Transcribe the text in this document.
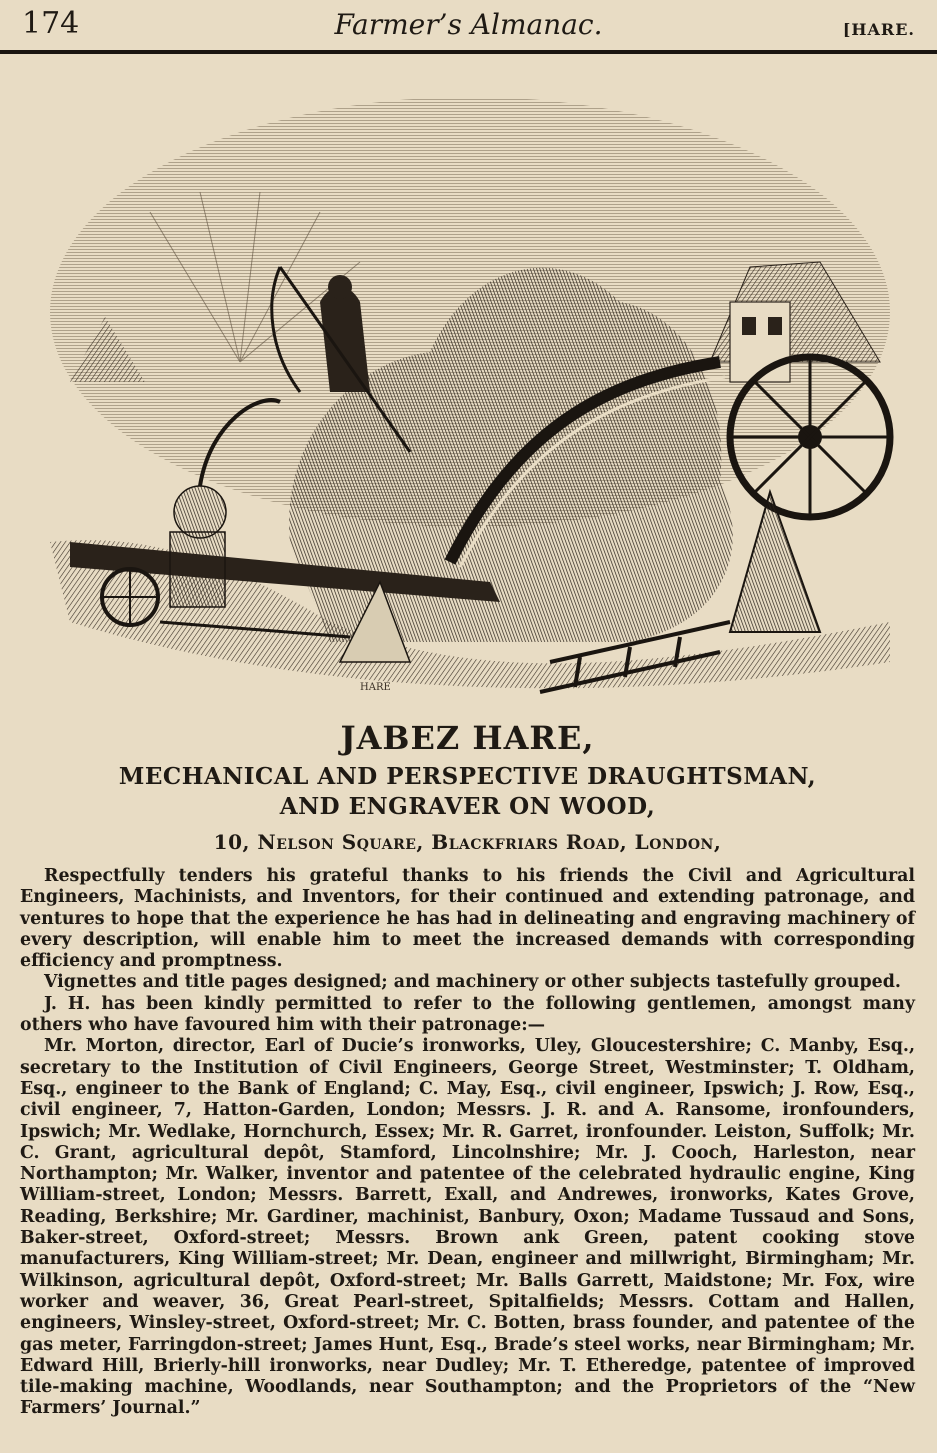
174	Farmer’s Almanac.	[HARE.
HARE
JABEZ HARE,

MECHANICAL AND PERSPECTIVE DRAUGHTSMAN,

AND ENGRAVER ON WOOD,

10, Nelson Square, Blackfriars Road, London,

Respectfully tenders his grateful thanks to his friends the Civil and Agricultural Engineers, Machinists, and Inventors, for their continued and extending patronage, and ventures to hope that the experience he has had in delineating and engraving machinery of every description, will enable him to meet the increased demands with corresponding efficiency and promptness.

Vignettes and title pages designed; and machinery or other subjects tastefully grouped.

J. H. has been kindly permitted to refer to the following gentlemen, amongst many others who have favoured him with their patronage:—

Mr. Morton, director, Earl of Ducie’s ironworks, Uley, Gloucestershire; C. Manby, Esq., secretary to the Institution of Civil Engineers, George Street, Westminster; T. Oldham, Esq., engineer to the Bank of England; C. May, Esq., civil engineer, Ipswich; J. Row, Esq., civil engineer, 7, Hatton-Garden, London; Messrs. J. R. and A. Ransome, ironfounders, Ipswich; Mr. Wedlake, Hornchurch, Essex; Mr. R. Garret, ironfounder. Leiston, Suffolk; Mr. C. Grant, agricultural depôt, Stamford, Lincolnshire; Mr. J. Cooch, Harleston, near Northampton; Mr. Walker, inventor and patentee of the celebrated hydraulic engine, King William-street, London; Messrs. Barrett, Exall, and Andrewes, ironworks, Kates Grove, Reading, Berkshire; Mr. Gardiner, machinist, Banbury, Oxon; Madame Tussaud and Sons, Baker-street, Oxford-street; Messrs. Brown ank Green, patent cooking stove manufacturers, King William-street; Mr. Dean, engineer and millwright, Birmingham; Mr. Wilkinson, agricultural depôt, Oxford-street; Mr. Balls Garrett, Maidstone; Mr. Fox, wire worker and weaver, 36, Great Pearl-street, Spitalfields; Messrs. Cottam and Hallen, engineers, Winsley-street, Oxford-street; Mr. C. Botten, brass founder, and patentee of the gas meter, Farringdon-street; James Hunt, Esq., Brade’s steel works, near Birmingham; Mr. Edward Hill, Brierly-hill ironworks, near Dudley; Mr. T. Etheredge, patentee of improved tile-making machine, Woodlands, near Southampton; and the Proprietors of the “New Farmers’ Journal.”
